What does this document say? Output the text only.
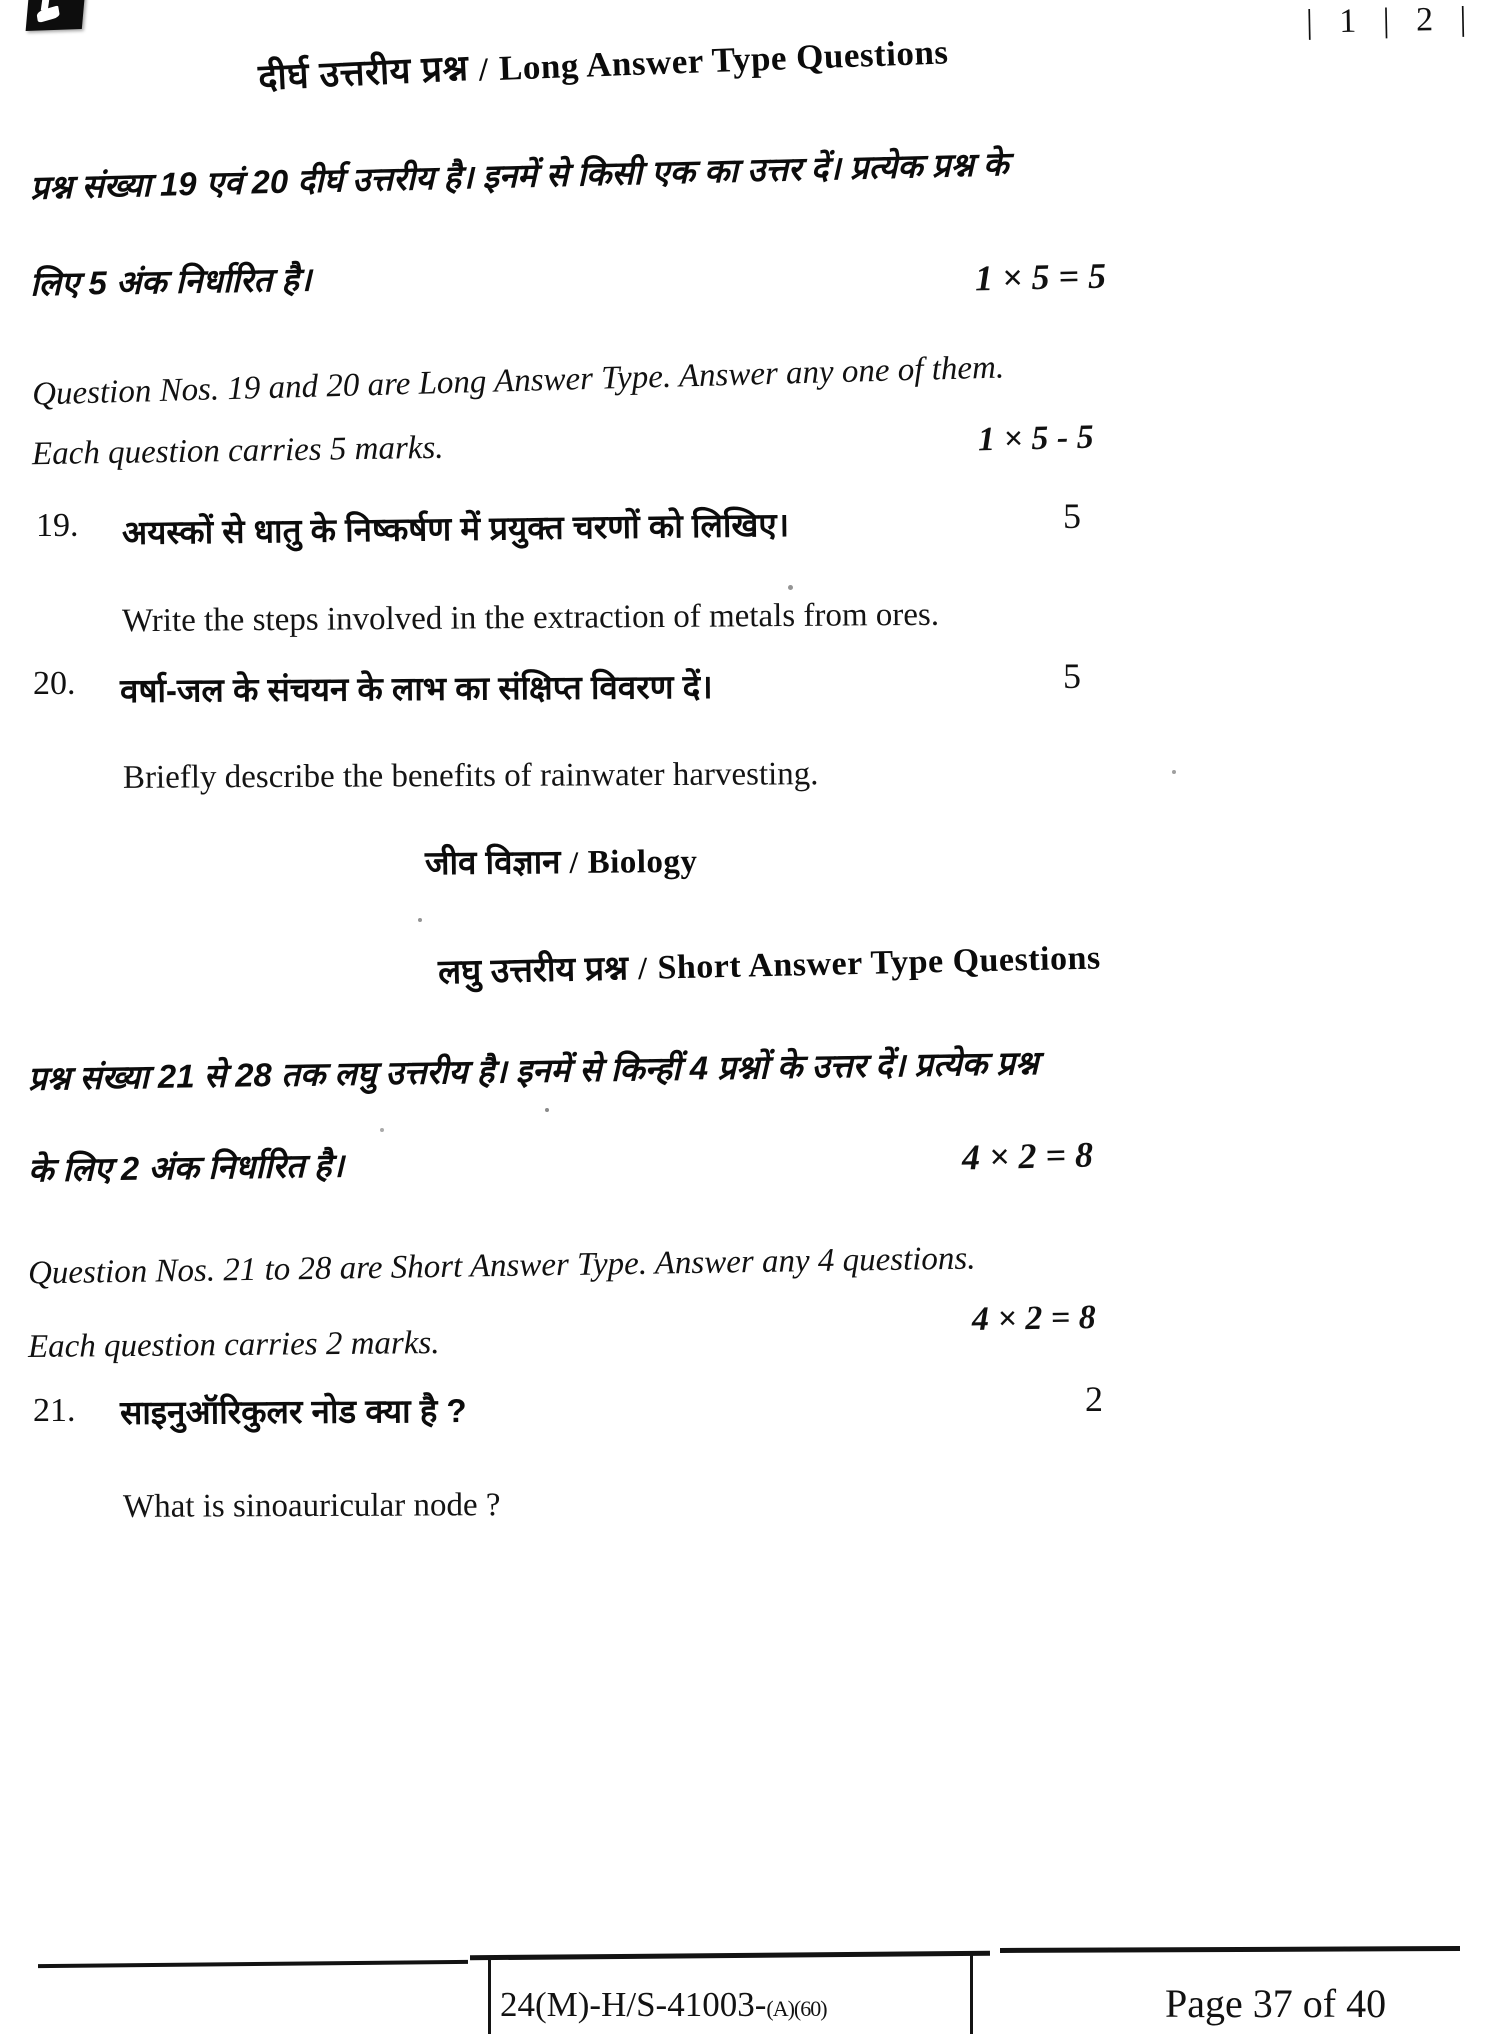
| 1 | 2 |
दीर्घ उत्तरीय प्रश्न / Long Answer Type Questions
प्रश्न संख्या 19 एवं 20 दीर्घ उत्तरीय है। इनमें से किसी एक का उत्तर दें। प्रत्येक प्रश्न के
लिए 5 अंक निर्धारित है।	1 × 5 = 5
Question Nos. 19 and 20 are Long Answer Type. Answer any one of them.
Each question carries 5 marks.	1 × 5 - 5
19. अयस्कों से धातु के निष्कर्षण में प्रयुक्त चरणों को लिखिए।	5
Write the steps involved in the extraction of metals from ores.
20. वर्षा-जल के संचयन के लाभ का संक्षिप्त विवरण दें।	5
Briefly describe the benefits of rainwater harvesting.
जीव विज्ञान / Biology
लघु उत्तरीय प्रश्न / Short Answer Type Questions
प्रश्न संख्या 21 से 28 तक लघु उत्तरीय है। इनमें से किन्हीं 4 प्रश्नों के उत्तर दें। प्रत्येक प्रश्न
के लिए 2 अंक निर्धारित है।	4 × 2 = 8
Question Nos. 21 to 28 are Short Answer Type. Answer any 4 questions.
Each question carries 2 marks.
4 × 2 = 8
21. साइनुऑरिकुलर नोड क्या है ?	2
What is sinoauricular node ?
24(M)-H/S-41003-(A)(60)	Page 37 of 40
